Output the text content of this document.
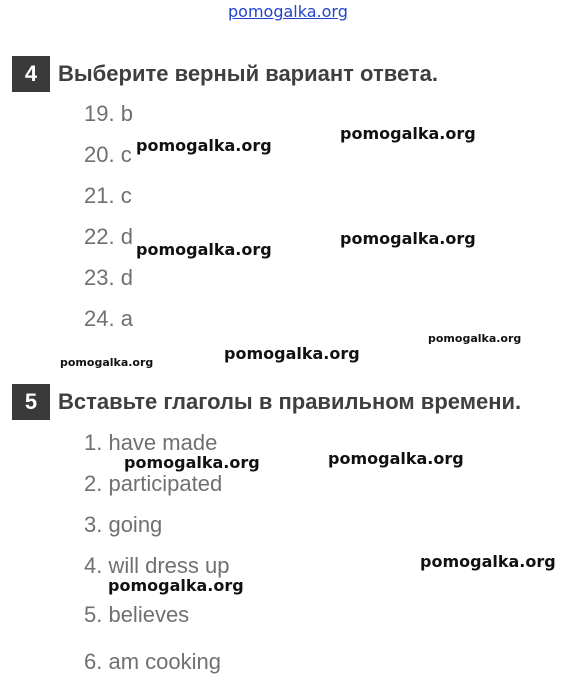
pomogalka.org
4 Выберите верный вариант ответа.
19. b
20. c
21. c
22. d
23. d
24. a
5 Вставьте глаголы в правильном времени.
1. have made
2. participated
3. going
4. will dress up
5. believes
6. am cooking
pomogalka.org
pomogalka.org
pomogalka.org
pomogalka.org
pomogalka.org
pomogalka.org	pomogalka.org
pomogalka.org	pomogalka.org
pomogalka.org
pomogalka.org
